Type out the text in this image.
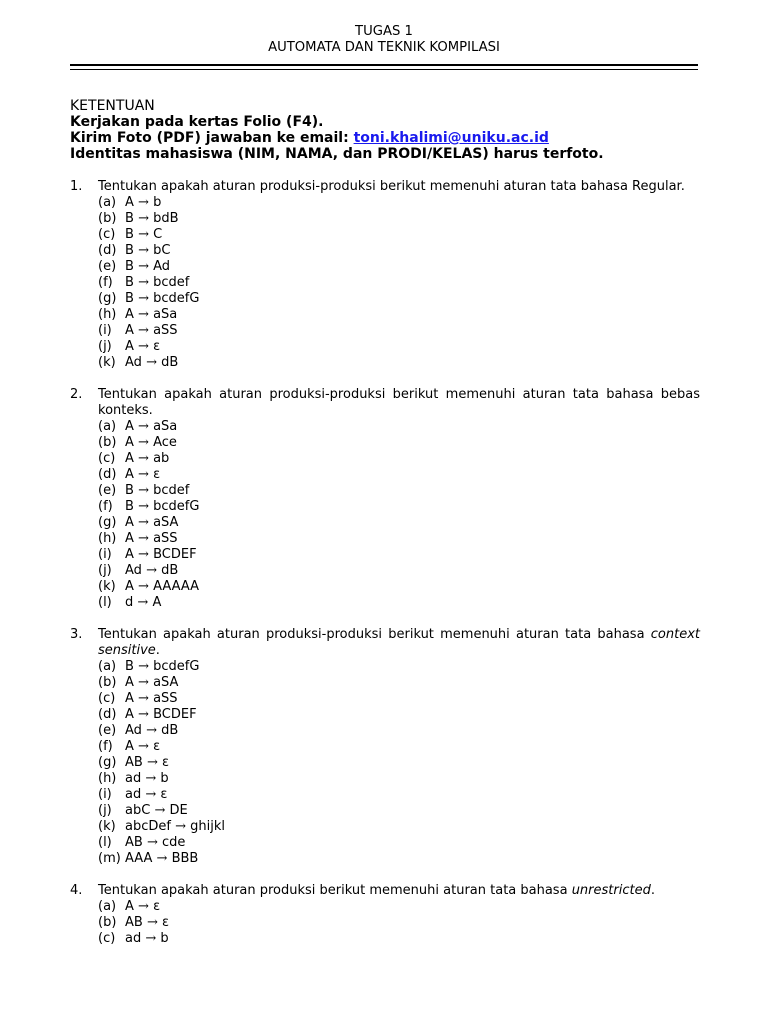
TUGAS 1
AUTOMATA DAN TEKNIK KOMPILASI
KETENTUAN
Kerjakan pada kertas Folio (F4).
Kirim Foto (PDF) jawaban ke email: toni.khalimi@uniku.ac.id
Identitas mahasiswa (NIM, NAMA, dan PRODI/KELAS) harus terfoto.
1.	Tentukan apakah aturan produksi-produksi berikut memenuhi aturan tata bahasa Regular.
(a) A → b
(b) B → bdB
(c) B → C
(d) B → bC
(e) B → Ad
(f) B → bcdef
(g) B → bcdefG
(h) A → aSa
(i) A → aSS
(j) A → ε
(k) Ad → dB
2.	Tentukan apakah aturan produksi-produksi berikut memenuhi aturan tata bahasa bebas konteks.
(a) A → aSa
(b) A → Ace
(c) A → ab
(d) A → ε
(e) B → bcdef
(f) B → bcdefG
(g) A → aSA
(h) A → aSS
(i) A → BCDEF
(j) Ad → dB
(k) A → AAAAA
(l) d → A
3.	Tentukan apakah aturan produksi-produksi berikut memenuhi aturan tata bahasa context sensitive.
(a) B → bcdefG
(b) A → aSA
(c) A → aSS
(d) A → BCDEF
(e) Ad → dB
(f) A → ε
(g) AB → ε
(h) ad → b
(i) ad → ε
(j) abC → DE
(k) abcDef → ghijkl
(l) AB → cde
(m) AAA → BBB
4.	Tentukan apakah aturan produksi berikut memenuhi aturan tata bahasa unrestricted.
(a) A → ε
(b) AB → ε
(c) ad → b
